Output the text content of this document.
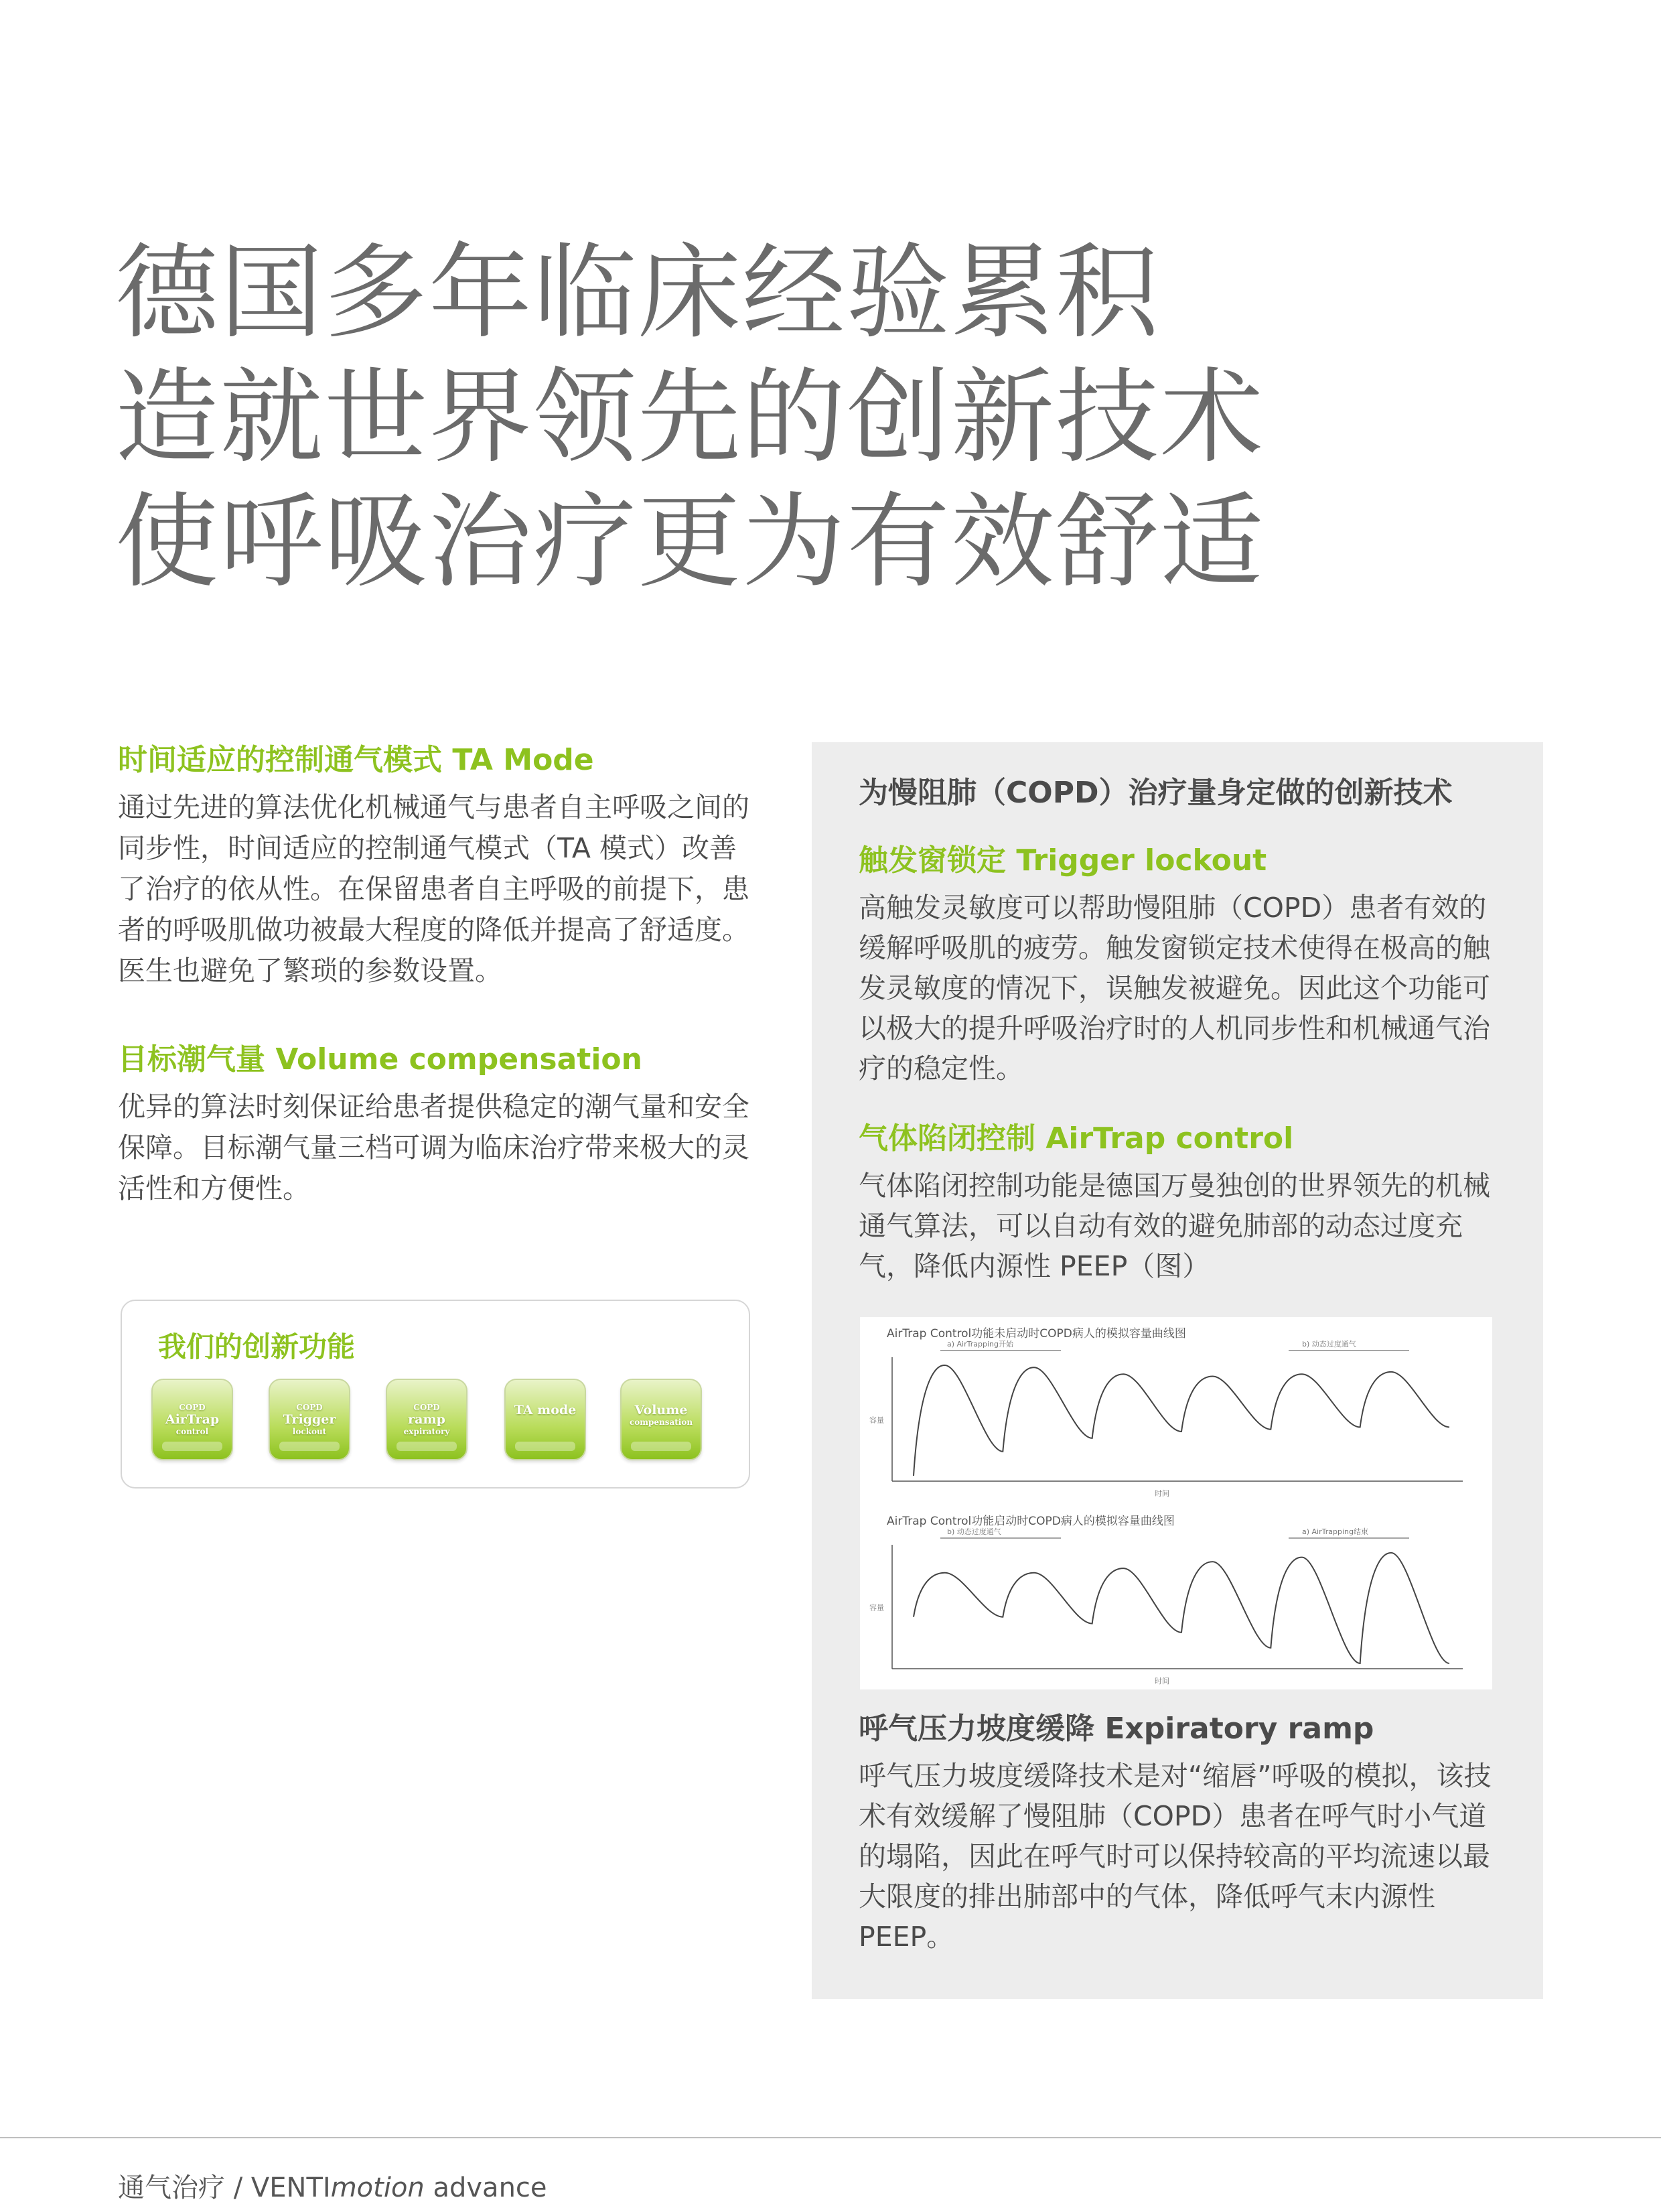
德国多年临床经验累积
造就世界领先的创新技术
使呼吸治疗更为有效舒适

时间适应的控制通气模式 TA Mode

通过先进的算法优化机械通气与患者自主呼吸之间的同步性，时间适应的控制通气模式（TA 模式）改善了治疗的依从性。在保留患者自主呼吸的前提下，患者的呼吸肌做功被最大程度的降低并提高了舒适度。医生也避免了繁琐的参数设置。

目标潮气量 Volume compensation

优异的算法时刻保证给患者提供稳定的潮气量和安全保障。目标潮气量三档可调为临床治疗带来极大的灵活性和方便性。

我们的创新功能
COPD
AirTrap
control
COPD
Trigger
lockout
COPD
ramp
expiratory
TA mode	Volume
compensation

为慢阻肺（COPD）治疗量身定做的创新技术

触发窗锁定 Trigger lockout

高触发灵敏度可以帮助慢阻肺（COPD）患者有效的缓解呼吸肌的疲劳。触发窗锁定技术使得在极高的触发灵敏度的情况下，误触发被避免。因此这个功能可以极大的提升呼吸治疗时的人机同步性和机械通气治疗的稳定性。

气体陷闭控制 AirTrap control

气体陷闭控制功能是德国万曼独创的世界领先的机械通气算法，可以自动有效的避免肺部的动态过度充气，降低内源性 PEEP（图）

AirTrap Control功能未启动时COPD病人的模拟容量曲线图
a) AirTrapping开始	b) 动态过度通气
时间
容量
AirTrap Control功能启动时COPD病人的模拟容量曲线图
b) 动态过度通气	a) AirTrapping结束
时间
容量

呼气压力坡度缓降 Expiratory ramp

呼气压力坡度缓降技术是对“缩唇”呼吸的模拟，该技术有效缓解了慢阻肺（COPD）患者在呼气时小气道的塌陷，因此在呼气时可以保持较高的平均流速以最大限度的排出肺部中的气体，降低呼气末内源性 PEEP。

通气治疗 / VENTImotion advance
